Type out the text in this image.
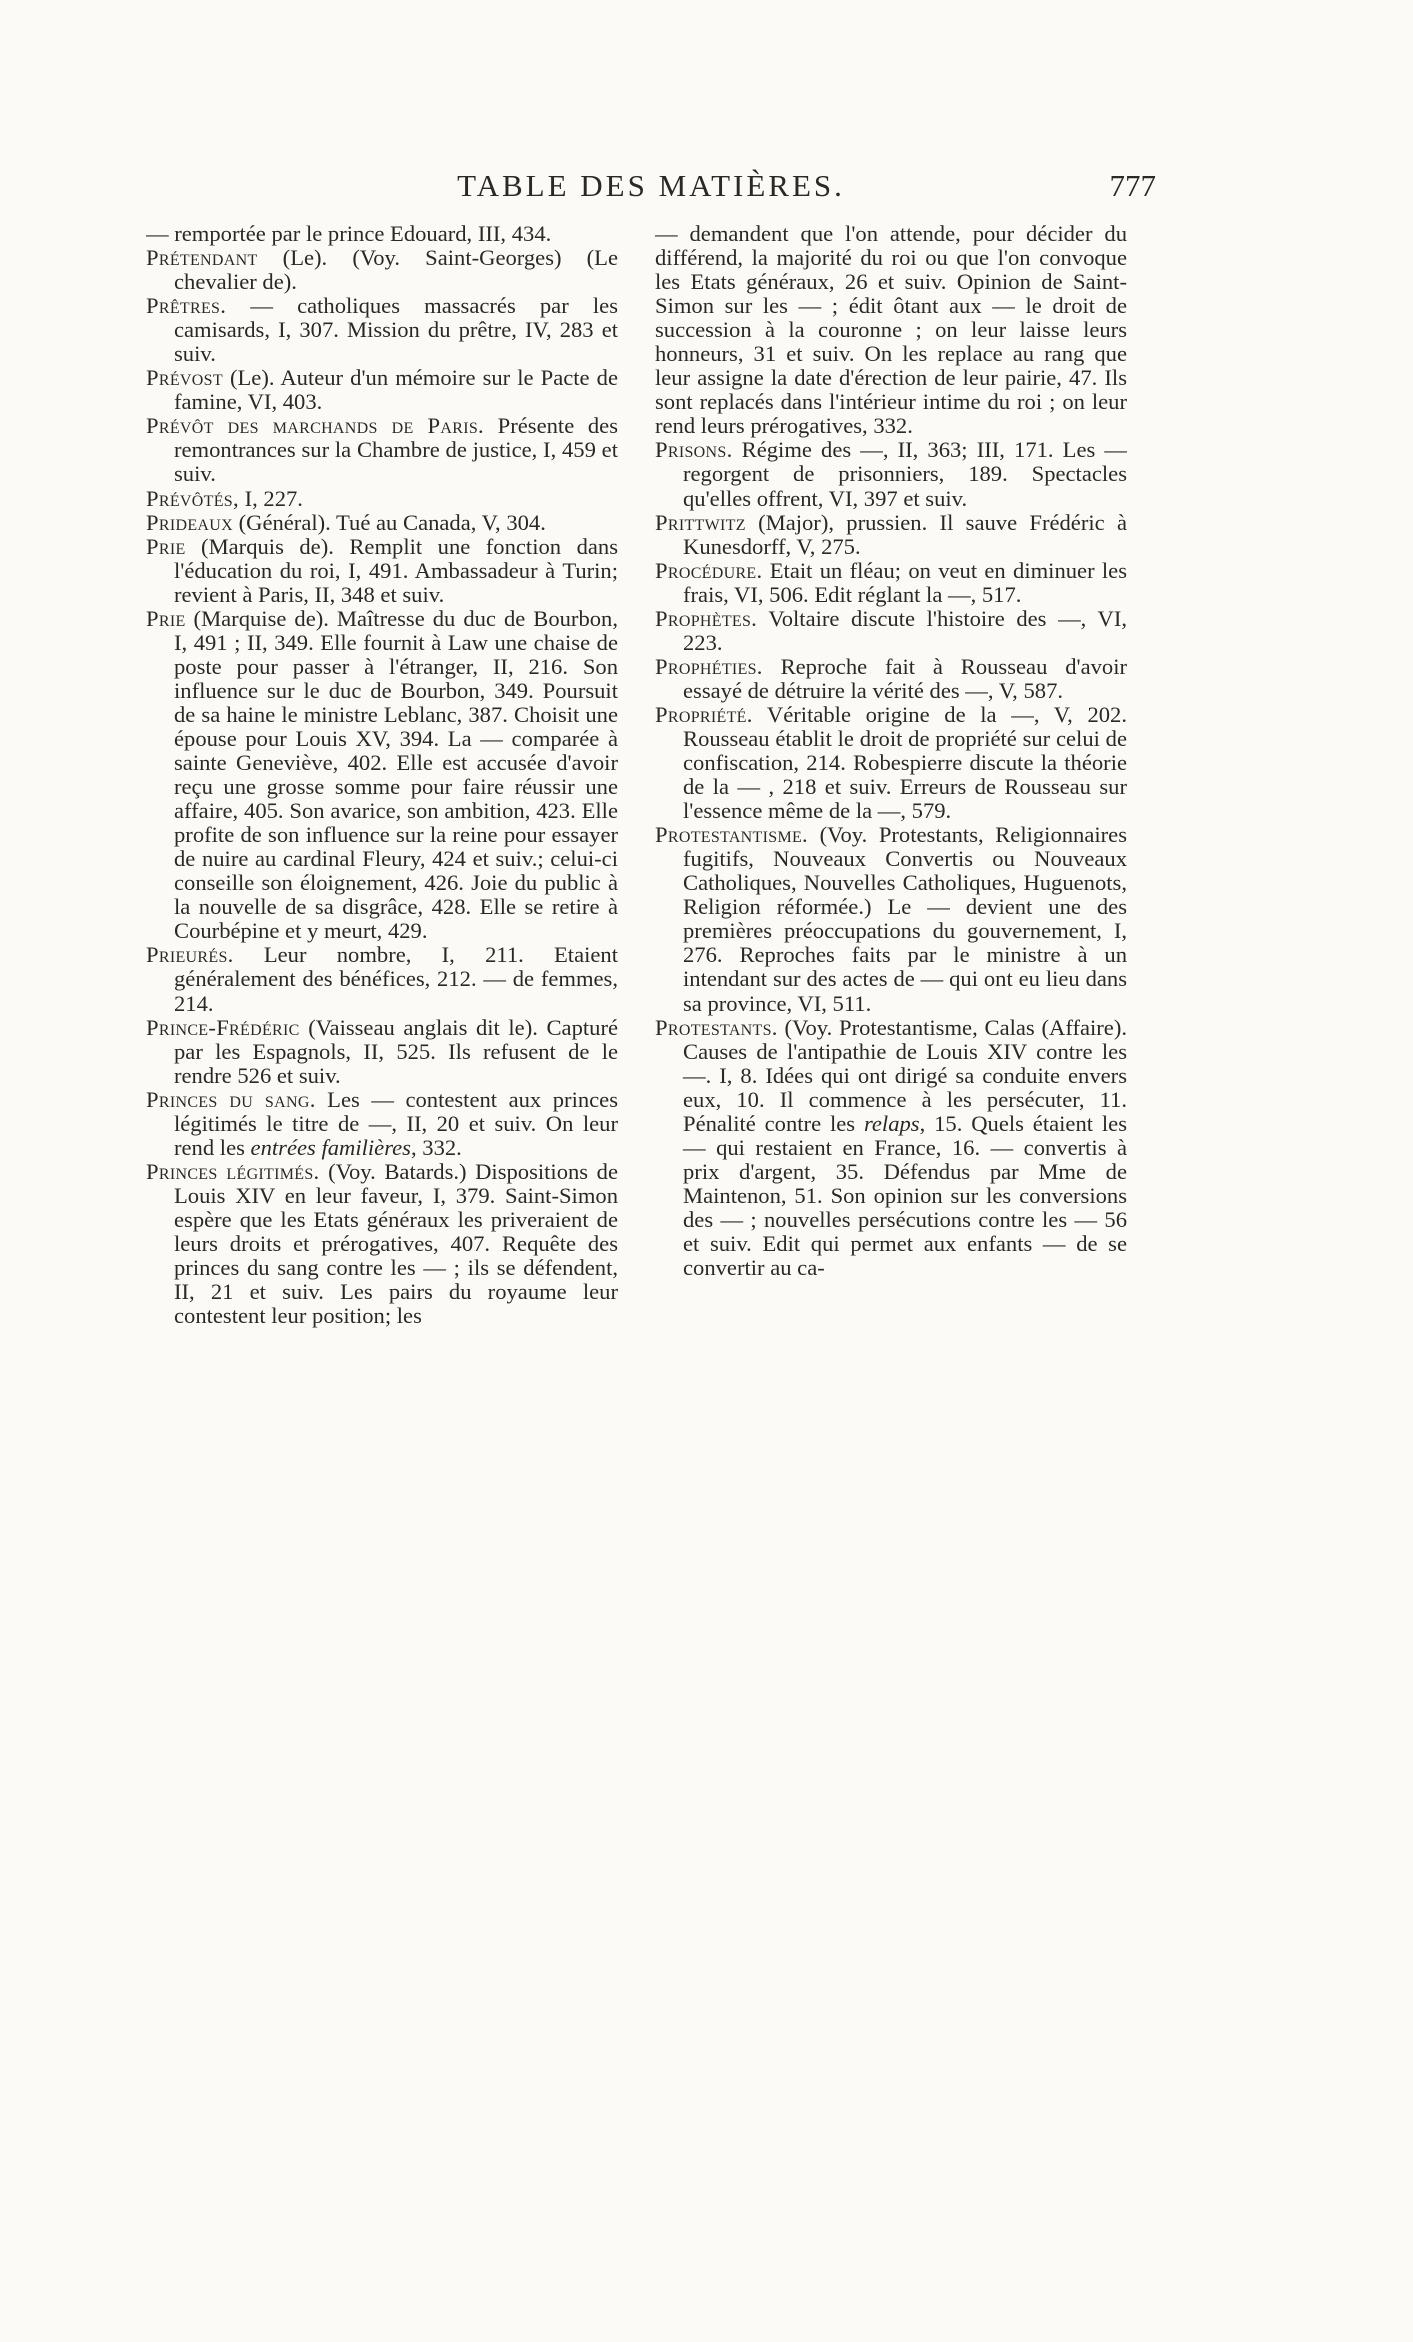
TABLE DES MATIÈRES.	777

— remportée par le prince Edouard, III, 434.

Prétendant (Le). (Voy. Saint-Georges) (Le chevalier de).

Prêtres. — catholiques massacrés par les camisards, I, 307. Mission du prêtre, IV, 283 et suiv.

Prévost (Le). Auteur d'un mémoire sur le Pacte de famine, VI, 403.

Prévôt des marchands de Paris. Présente des remontrances sur la Chambre de justice, I, 459 et suiv.

Prévôtés, I, 227.

Prideaux (Général). Tué au Canada, V, 304.

Prie (Marquis de). Remplit une fonction dans l'éducation du roi, I, 491. Ambassadeur à Turin; revient à Paris, II, 348 et suiv.

Prie (Marquise de). Maîtresse du duc de Bourbon, I, 491 ; II, 349. Elle fournit à Law une chaise de poste pour passer à l'étranger, II, 216. Son influence sur le duc de Bourbon, 349. Poursuit de sa haine le ministre Leblanc, 387. Choisit une épouse pour Louis XV, 394. La — comparée à sainte Geneviève, 402. Elle est accusée d'avoir reçu une grosse somme pour faire réussir une affaire, 405. Son avarice, son ambition, 423. Elle profite de son influence sur la reine pour essayer de nuire au cardinal Fleury, 424 et suiv.; celui-ci conseille son éloignement, 426. Joie du public à la nouvelle de sa disgrâce, 428. Elle se retire à Courbépine et y meurt, 429.

Prieurés. Leur nombre, I, 211. Etaient généralement des bénéfices, 212. — de femmes, 214.

Prince-Frédéric (Vaisseau anglais dit le). Capturé par les Espagnols, II, 525. Ils refusent de le rendre 526 et suiv.

Princes du sang. Les — contestent aux princes légitimés le titre de —, II, 20 et suiv. On leur rend les entrées familières, 332.

Princes légitimés. (Voy. Batards.) Dispositions de Louis XIV en leur faveur, I, 379. Saint-Simon espère que les Etats généraux les priveraient de leurs droits et prérogatives, 407. Requête des princes du sang contre les — ; ils se défendent, II, 21 et suiv. Les pairs du royaume leur contestent leur position; les

— demandent que l'on attende, pour décider du différend, la majorité du roi ou que l'on convoque les Etats généraux, 26 et suiv. Opinion de Saint-Simon sur les — ; édit ôtant aux — le droit de succession à la couronne ; on leur laisse leurs honneurs, 31 et suiv. On les replace au rang que leur assigne la date d'érection de leur pairie, 47. Ils sont replacés dans l'intérieur intime du roi ; on leur rend leurs prérogatives, 332.

Prisons. Régime des —, II, 363; III, 171. Les — regorgent de prisonniers, 189. Spectacles qu'elles offrent, VI, 397 et suiv.

Prittwitz (Major), prussien. Il sauve Frédéric à Kunesdorff, V, 275.

Procédure. Etait un fléau; on veut en diminuer les frais, VI, 506. Edit réglant la —, 517.

Prophètes. Voltaire discute l'histoire des —, VI, 223.

Prophéties. Reproche fait à Rousseau d'avoir essayé de détruire la vérité des —, V, 587.

Propriété. Véritable origine de la —, V, 202. Rousseau établit le droit de propriété sur celui de confiscation, 214. Robespierre discute la théorie de la — , 218 et suiv. Erreurs de Rousseau sur l'essence même de la —, 579.

Protestantisme. (Voy. Protestants, Religionnaires fugitifs, Nouveaux Convertis ou Nouveaux Catholiques, Nouvelles Catholiques, Huguenots, Religion réformée.) Le — devient une des premières préoccupations du gouvernement, I, 276. Reproches faits par le ministre à un intendant sur des actes de — qui ont eu lieu dans sa province, VI, 511.

Protestants. (Voy. Protestantisme, Calas (Affaire). Causes de l'antipathie de Louis XIV contre les —. I, 8. Idées qui ont dirigé sa conduite envers eux, 10. Il commence à les persécuter, 11. Pénalité contre les relaps, 15. Quels étaient les — qui restaient en France, 16. — convertis à prix d'argent, 35. Défendus par Mme de Maintenon, 51. Son opinion sur les conversions des — ; nouvelles persécutions contre les — 56 et suiv. Edit qui permet aux enfants — de se convertir au ca-
